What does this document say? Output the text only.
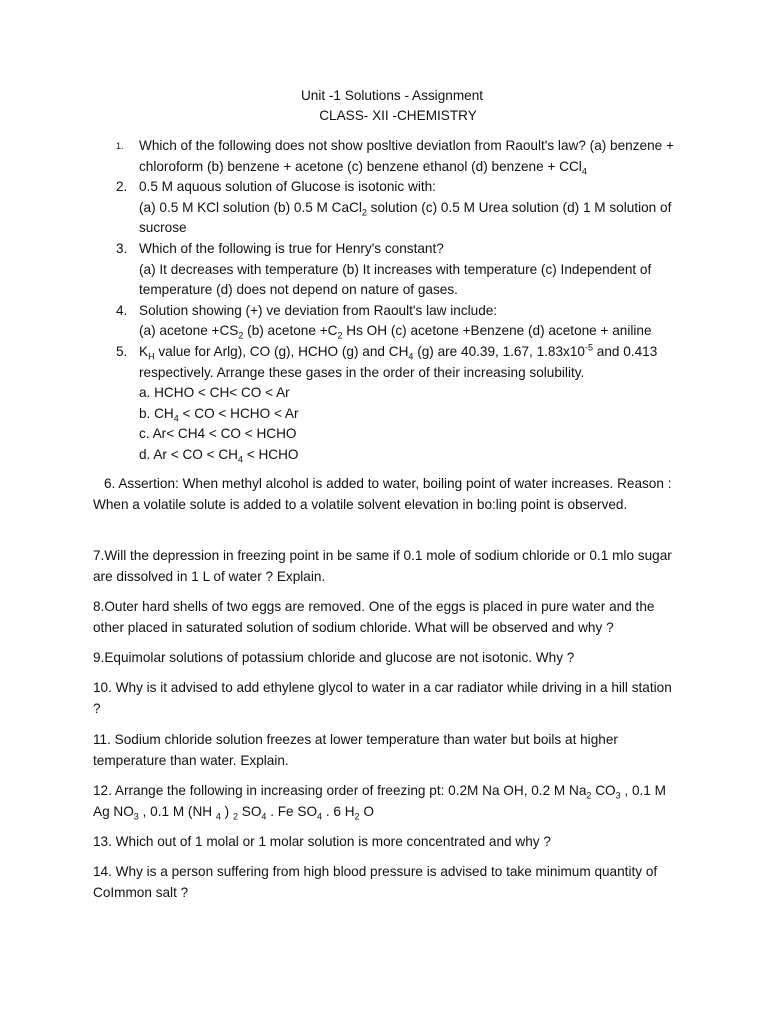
Unit -1 Solutions - Assignment

CLASS- XII -CHEMISTRY

1.	Which of the following does not show posltive deviatlon from Raoult's law? (a) benzene + chloroform (b) benzene + acetone (c) benzene ethanol (d) benzene + CCl$_4$
2. 0.5 M aquous solution of Glucose is isotonic with:
(a) 0.5 M KCl solution (b) 0.5 M CaCl$_2$ solution (c) 0.5 M Urea solution (d) 1 M solution of sucrose
3. Which of the following is true for Henry's constant?
(a) It decreases with temperature (b) It increases with temperature (c) Independent of temperature (d) does not depend on nature of gases.
4. Solution showing (+) ve deviation from Raoult's law include:
(a) acetone $+CS_2$ (b) acetone $+C_2$ Hs OH (c) acetone +Benzene (d) acetone + aniline
5. $K_H$ value for Arlg), CO (g), HCHO (g) and $CH_4$ (g) are 40.39, 1.67, $1.83x10^{-5}$ and 0.413 respectively. Arrange these gases in the order of their increasing solubility.
a. HCHO < CH< CO < Ar
b. $CH_4$ < CO < HCHO < Ar
c. Ar< CH4 < CO < HCHO
d. Ar < CO < $CH_4$ < HCHO

6. Assertion: When methyl alcohol is added to water, boiling point of water increases. Reason : When a volatile solute is added to a volatile solvent elevation in bo:ling point is observed.

7.Will the depression in freezing point in be same if 0.1 mole of sodium chloride or 0.1 mlo sugar are dissolved in 1 L of water ? Explain.

8.Outer hard shells of two eggs are removed. One of the eggs is placed in pure water and the other placed in saturated solution of sodium chloride. What will be observed and why ?

9.Equimolar solutions of potassium chloride and glucose are not isotonic. Why ?

10. Why is it advised to add ethylene glycol to water in a car radiator while driving in a hill station ?

11. Sodium chloride solution freezes at lower temperature than water but boils at higher temperature than water. Explain.

12. Arrange the following in increasing order of freezing pt: 0.2M Na OH, 0.2 M $Na_2$ $CO_3$ , 0.1 M Ag $NO_3$ , 0.1 M (NH $_4$ ) $_2$ $SO_4$ . Fe $SO_4$ . 6 $H_2$ O

13. Which out of 1 molal or 1 molar solution is more concentrated and why ?

14. Why is a person suffering from high blood pressure is advised to take minimum quantity of CoImmon salt ?
